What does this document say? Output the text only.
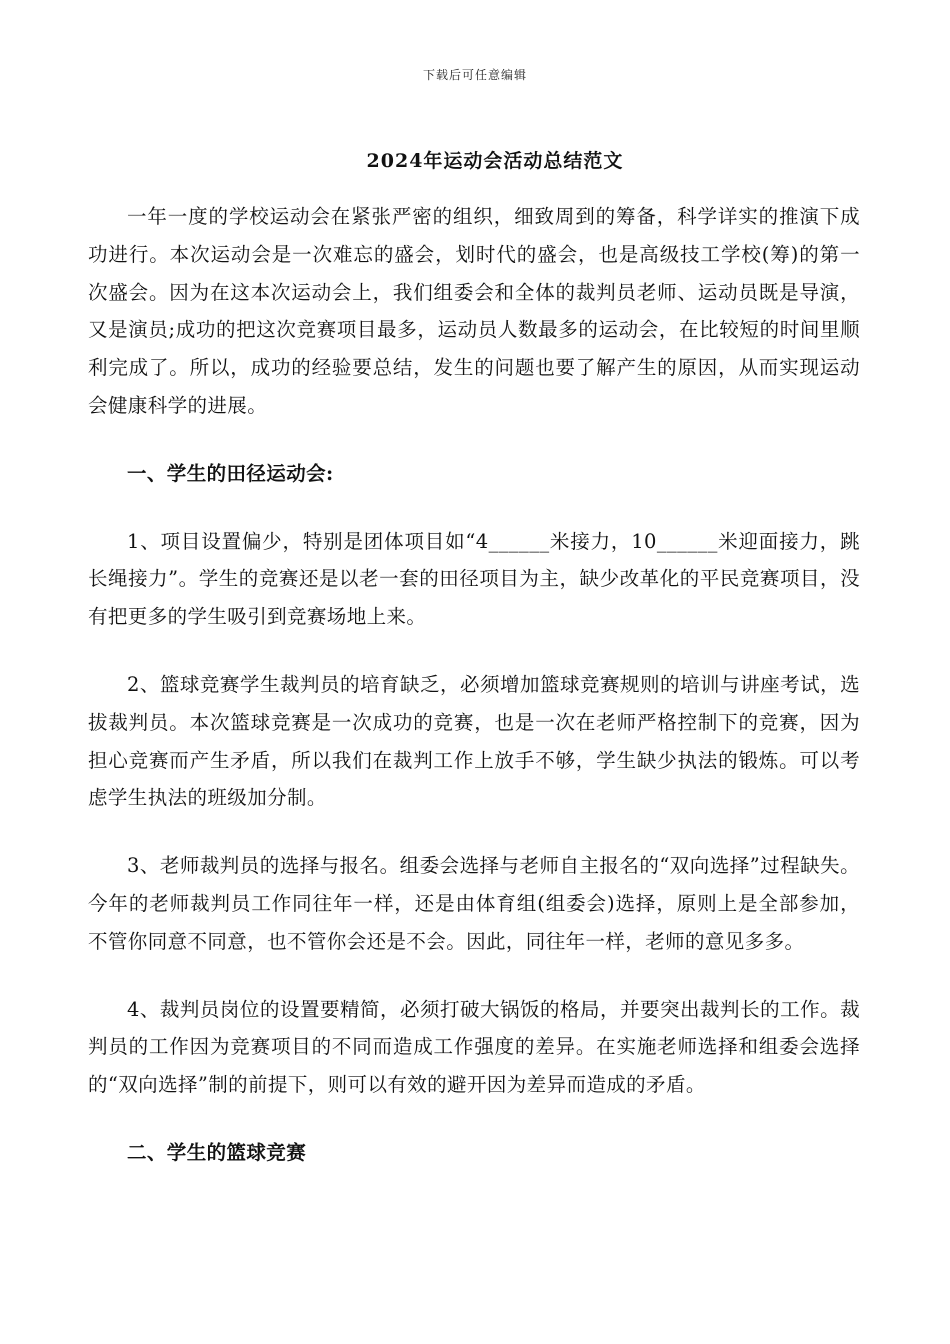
下载后可任意编辑
2024年运动会活动总结范文

一年一度的学校运动会在紧张严密的组织，细致周到的筹备，科学详实的推演下成功进行。本次运动会是一次难忘的盛会，划时代的盛会，也是高级技工学校(筹)的第一次盛会。因为在这本次运动会上，我们组委会和全体的裁判员老师、运动员既是导演，又是演员;成功的把这次竞赛项目最多，运动员人数最多的运动会，在比较短的时间里顺利完成了。所以，成功的经验要总结，发生的问题也要了解产生的原因，从而实现运动会健康科学的进展。

一、学生的田径运动会:

1、项目设置偏少，特别是团体项目如“4______米接力，10______米迎面接力，跳长绳接力”。学生的竞赛还是以老一套的田径项目为主，缺少改革化的平民竞赛项目，没有把更多的学生吸引到竞赛场地上来。

2、篮球竞赛学生裁判员的培育缺乏，必须增加篮球竞赛规则的培训与讲座考试，选拔裁判员。本次篮球竞赛是一次成功的竞赛，也是一次在老师严格控制下的竞赛，因为担心竞赛而产生矛盾，所以我们在裁判工作上放手不够，学生缺少执法的锻炼。可以考虑学生执法的班级加分制。

3、老师裁判员的选择与报名。组委会选择与老师自主报名的“双向选择”过程缺失。今年的老师裁判员工作同往年一样，还是由体育组(组委会)选择，原则上是全部参加，不管你同意不同意，也不管你会还是不会。因此，同往年一样，老师的意见多多。

4、裁判员岗位的设置要精简，必须打破大锅饭的格局，并要突出裁判长的工作。裁判员的工作因为竞赛项目的不同而造成工作强度的差异。在实施老师选择和组委会选择的“双向选择”制的前提下，则可以有效的避开因为差异而造成的矛盾。

二、学生的篮球竞赛
